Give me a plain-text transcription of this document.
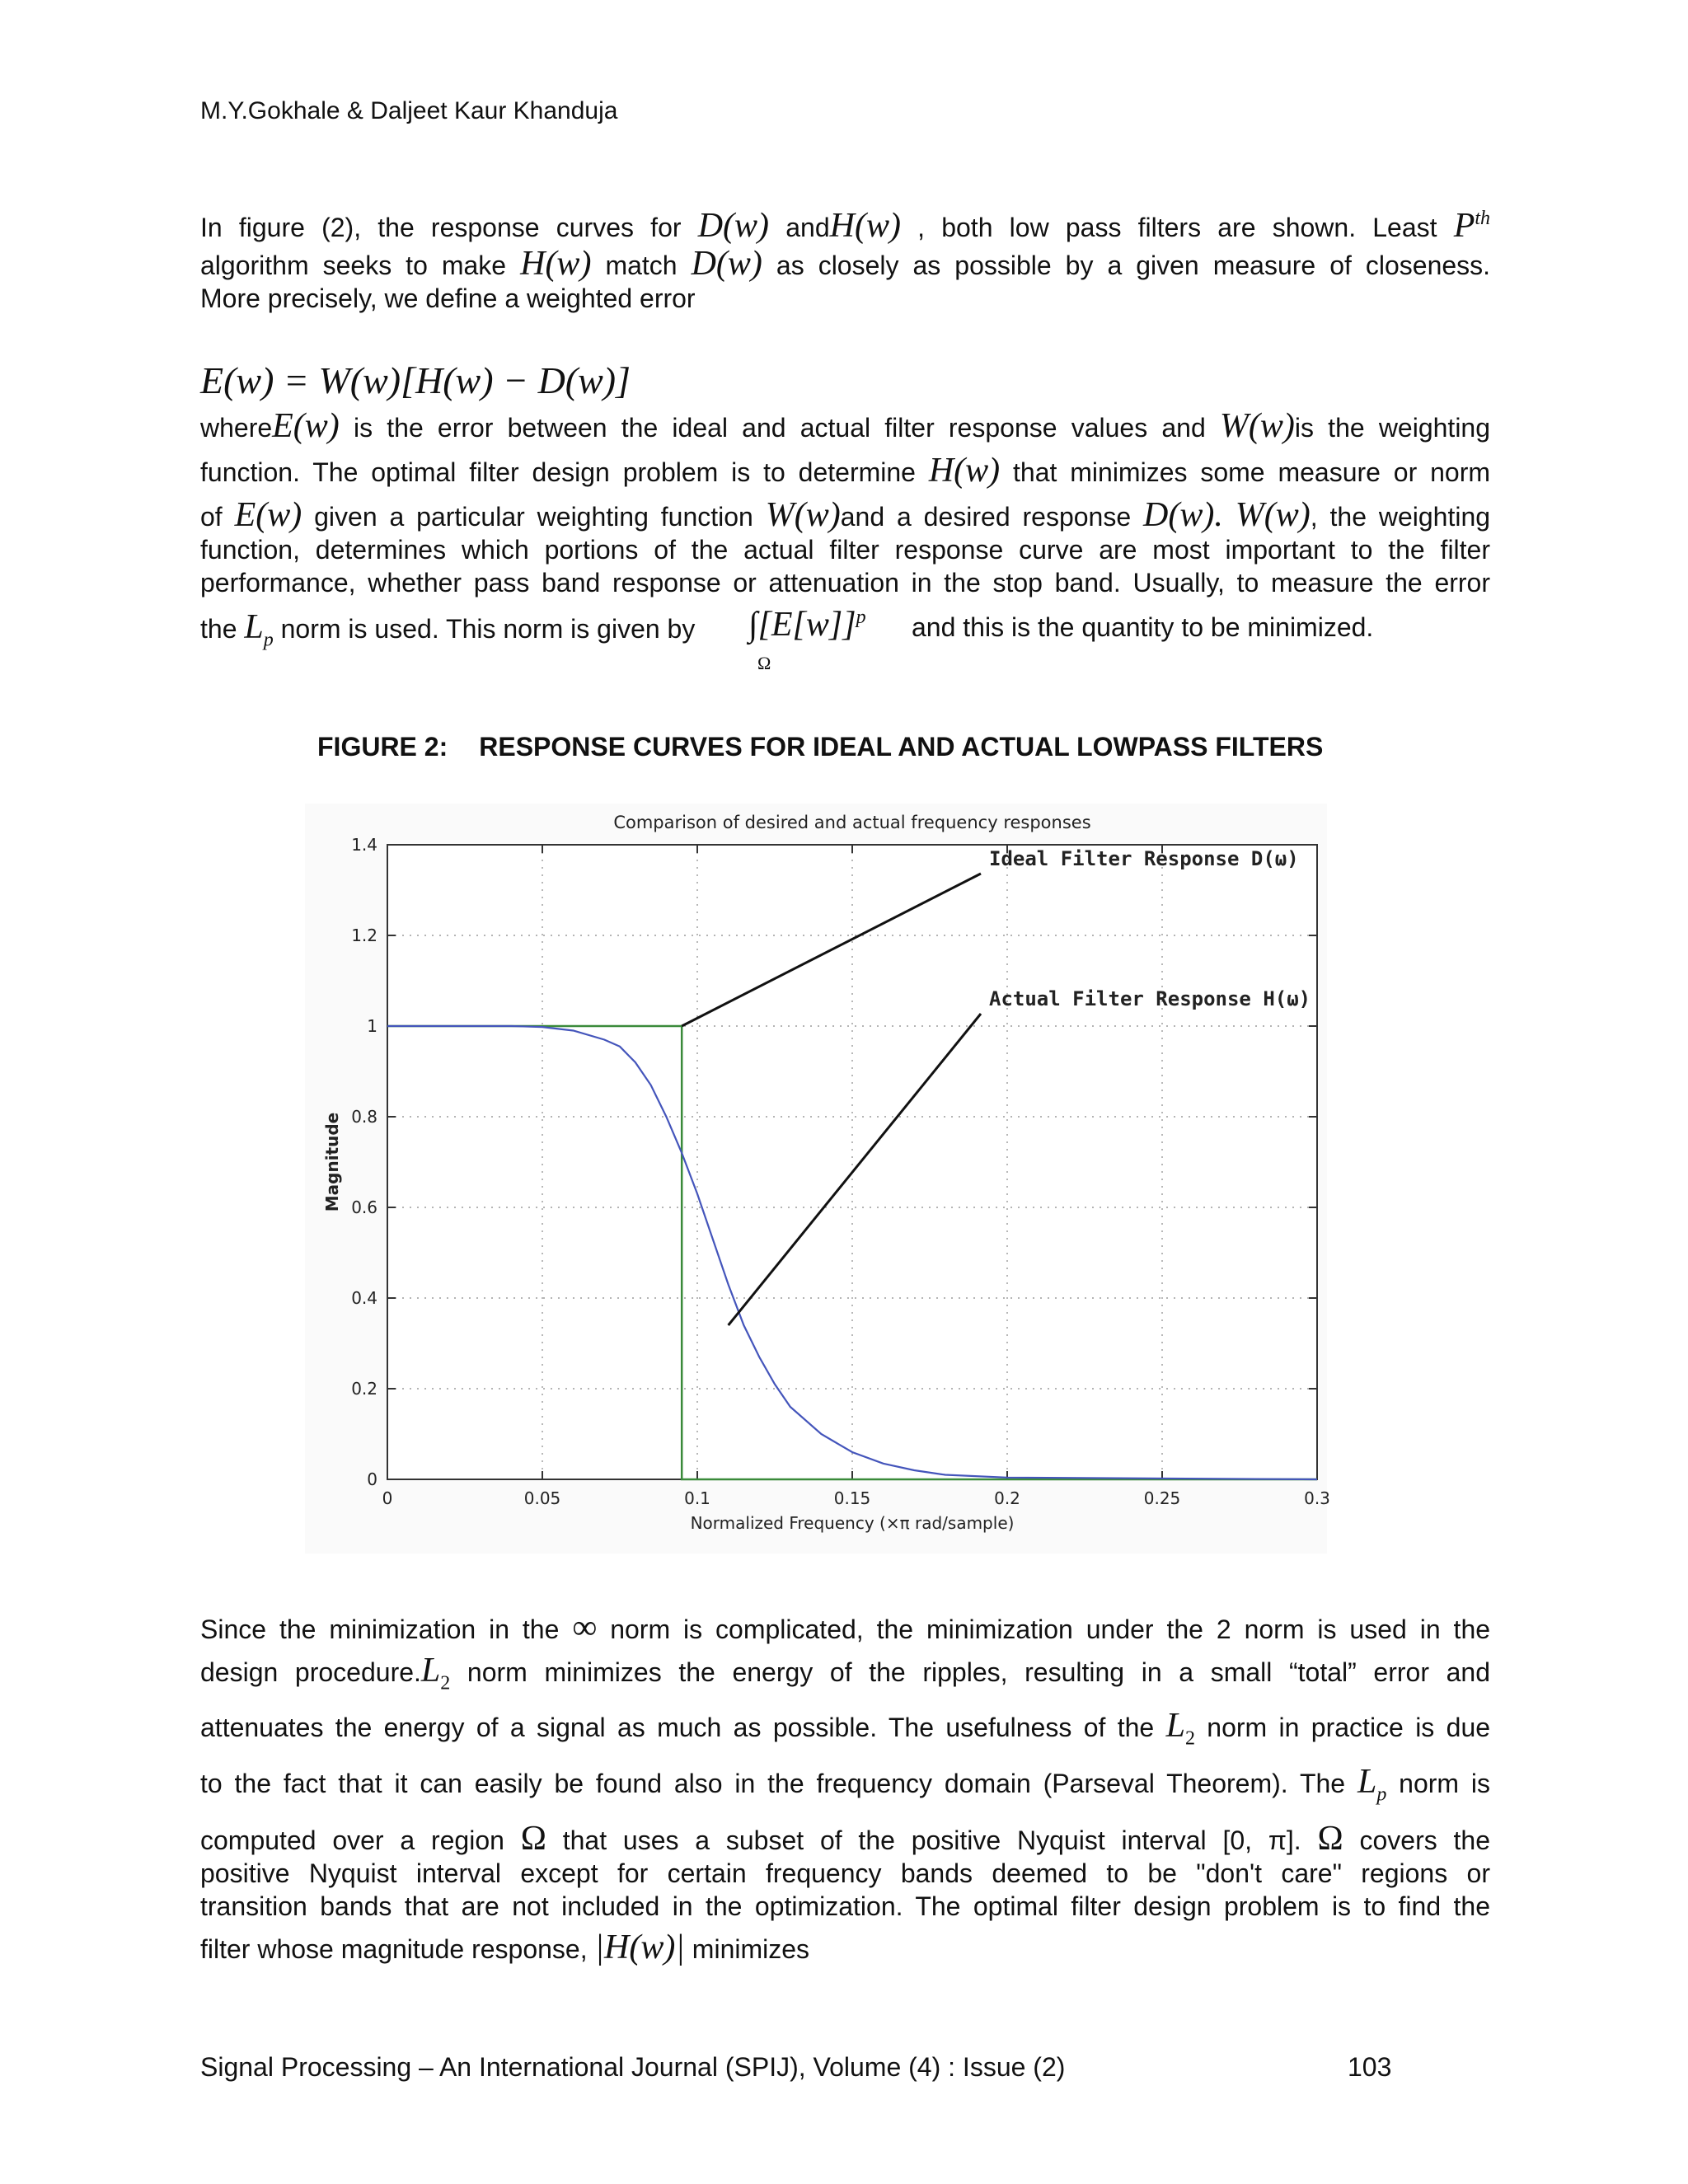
M.Y.Gokhale & Daljeet Kaur Khanduja
In figure (2), the response curves for D(w) andH(w) , both low pass filters are shown. Least $P^{th}$
algorithm seeks to make H(w) match D(w) as closely as possible by a given measure of closeness.
More precisely, we define a weighted error
E(w) = W(w)[H(w) − D(w)]
whereE(w) is the error between the ideal and actual filter response values and W(w)is the weighting
function. The optimal filter design problem is to determine H(w) that minimizes some measure or norm
of E(w) given a particular weighting function W(w)and a desired response D(w). W(w), the weighting
function, determines which portions of the actual filter response curve are most important to the filter
performance, whether pass band response or attenuation in the stop band. Usually, to measure the error
the $L_p$ norm is used. This norm is given by $\int[E[w]]^p$
Ω
and this is the quantity to be minimized.
FIGURE 2: RESPONSE CURVES FOR IDEAL AND ACTUAL LOWPASS FILTERS
0	0.05	0.1	0.15	0.2	0.25	0.3
0
0.2
0.4
0.6
0.8
1
1.2
1.4
Ideal Filter Response D(ω)
Actual Filter Response H(ω)
Comparison of desired and actual frequency responses
Normalized Frequency (×π rad/sample)
Magnitude
Since the minimization in the ∞ norm is complicated, the minimization under the 2 norm is used in the
design $procedure.L_2$ norm minimizes the energy of the ripples, resulting in a small “total” error and
attenuates the energy of a signal as much as possible. The usefulness of the $L_2$ norm in practice is due
to the fact that it can easily be found also in the frequency domain (Parseval Theorem). The $L_p$ norm is
computed over a region Ω that uses a subset of the positive Nyquist interval [0, π]. Ω covers the
positive Nyquist interval except for certain frequency bands deemed to be "don't care" regions or
transition bands that are not included in the optimization. The optimal filter design problem is to find the
filter whose magnitude response, |H(w)| minimizes
Signal Processing – An International Journal (SPIJ), Volume (4) : Issue (2)	103
